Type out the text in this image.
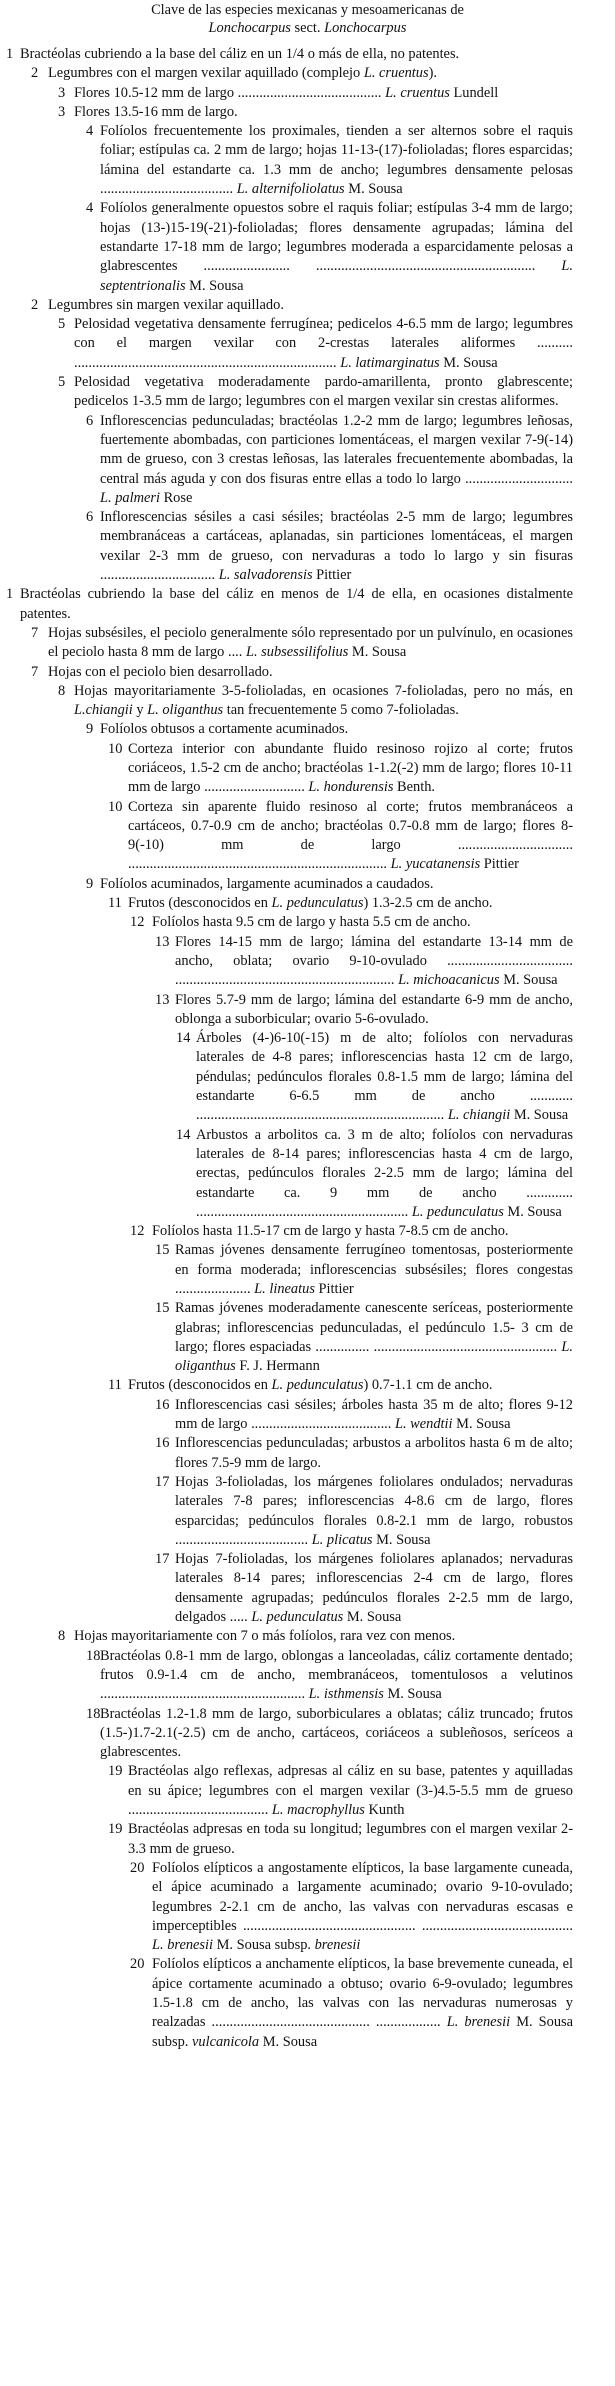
Clave de las especies mexicanas y mesoamericanas de
Lonchocarpus sect. Lonchocarpus
1 Bractéolas cubriendo a la base del cáliz en un 1/4 o más de ella, no patentes.
2 Legumbres con el margen vexilar aquillado (complejo L. cruentus).
3 Flores 10.5-12 mm de largo ........................................ L. cruentus Lundell
3 Flores 13.5-16 mm de largo.
4 Folíolos frecuentemente los proximales, tienden a ser alternos sobre el raquis foliar; estípulas ca. 2 mm de largo; hojas 11-13-(17)-folioladas; flores esparcidas; lámina del estandarte ca. 1.3 mm de ancho; legumbres densamente pelosas ..................................... L. alternifoliolatus M. Sousa
4 Folíolos generalmente opuestos sobre el raquis foliar; estípulas 3-4 mm de largo; hojas (13-)15-19(-21)-folioladas; flores densamente agrupadas; lámina del estandarte 17-18 mm de largo; legumbres moderada a esparcidamente pelosas a glabrescentes ........................ ............................................................. L. septentrionalis M. Sousa
2 Legumbres sin margen vexilar aquillado.
5 Pelosidad vegetativa densamente ferrugínea; pedicelos 4-6.5 mm de largo; legumbres con el margen vexilar con 2-crestas laterales aliformes .......... ......................................................................... L. latimarginatus M. Sousa
5 Pelosidad vegetativa moderadamente pardo-amarillenta, pronto glabrescente; pedicelos 1-3.5 mm de largo; legumbres con el margen vexilar sin crestas aliformes.
6 Inflorescencias pedunculadas; bractéolas 1.2-2 mm de largo; legumbres leñosas, fuertemente abombadas, con particiones lomentáceas, el margen vexilar 7-9(-14) mm de grueso, con 3 crestas leñosas, las laterales frecuentemente abombadas, la central más aguda y con dos fisuras entre ellas a todo lo largo .............................. L. palmeri Rose
6 Inflorescencias sésiles a casi sésiles; bractéolas 2-5 mm de largo; legumbres membranáceas a cartáceas, aplanadas, sin particiones lomentáceas, el margen vexilar 2-3 mm de grueso, con nervaduras a todo lo largo y sin fisuras ................................ L. salvadorensis Pittier
1 Bractéolas cubriendo la base del cáliz en menos de 1/4 de ella, en ocasiones distalmente patentes.
7 Hojas subsésiles, el peciolo generalmente sólo representado por un pulvínulo, en ocasiones el peciolo hasta 8 mm de largo .... L. subsessilifolius M. Sousa
7 Hojas con el peciolo bien desarrollado.
8 Hojas mayoritariamente 3-5-folioladas, en ocasiones 7-folioladas, pero no más, en L.chiangii y L. oliganthus tan frecuentemente 5 como 7-folioladas.
9 Folíolos obtusos a cortamente acuminados.
10 Corteza interior con abundante fluido resinoso rojizo al corte; frutos coriáceos, 1.5-2 cm de ancho; bractéolas 1-1.2(-2) mm de largo; flores 10-11 mm de largo ............................ L. hondurensis Benth.
10 Corteza sin aparente fluido resinoso al corte; frutos membranáceos a cartáceos, 0.7-0.9 cm de ancho; bractéolas 0.7-0.8 mm de largo; flores 8-9(-10) mm de largo ................................ ........................................................................ L. yucatanensis Pittier
9 Folíolos acuminados, largamente acuminados a caudados.
11 Frutos (desconocidos en L. pedunculatus) 1.3-2.5 cm de ancho.
12 Folíolos hasta 9.5 cm de largo y hasta 5.5 cm de ancho.
13 Flores 14-15 mm de largo; lámina del estandarte 13-14 mm de ancho, oblata; ovario 9-10-ovulado ................................... ............................................................. L. michoacanicus M. Sousa
13 Flores 5.7-9 mm de largo; lámina del estandarte 6-9 mm de ancho, oblonga a suborbicular; ovario 5-6-ovulado.
14 Árboles (4-)6-10(-15) m de alto; folíolos con nervaduras laterales de 4-8 pares; inflorescencias hasta 12 cm de largo, péndulas; pedúnculos florales 0.8-1.5 mm de largo; lámina del estandarte 6-6.5 mm de ancho ............ ..................................................................... L. chiangii M. Sousa
14 Arbustos a arbolitos ca. 3 m de alto; folíolos con nervaduras laterales de 8-14 pares; inflorescencias hasta 4 cm de largo, erectas, pedúnculos florales 2-2.5 mm de largo; lámina del estandarte ca. 9 mm de ancho ............. ........................................................... L. pedunculatus M. Sousa
12 Folíolos hasta 11.5-17 cm de largo y hasta 7-8.5 cm de ancho.
15 Ramas jóvenes densamente ferrugíneo tomentosas, posteriormente en forma moderada; inflorescencias subsésiles; flores congestas ..................... L. lineatus Pittier
15 Ramas jóvenes moderadamente canescente seríceas, posteriormente glabras; inflorescencias pedunculadas, el pedúnculo 1.5- 3 cm de largo; flores espaciadas ............... ................................................... L. oliganthus F. J. Hermann
11 Frutos (desconocidos en L. pedunculatus) 0.7-1.1 cm de ancho.
16 Inflorescencias casi sésiles; árboles hasta 35 m de alto; flores 9-12 mm de largo ....................................... L. wendtii M. Sousa
16 Inflorescencias pedunculadas; arbustos a arbolitos hasta 6 m de alto; flores 7.5-9 mm de largo.
17 Hojas 3-folioladas, los márgenes foliolares ondulados; nervaduras laterales 7-8 pares; inflorescencias 4-8.6 cm de largo, flores esparcidas; pedúnculos florales 0.8-2.1 mm de largo, robustos ..................................... L. plicatus M. Sousa
17 Hojas 7-folioladas, los márgenes foliolares aplanados; nervaduras laterales 8-14 pares; inflorescencias 2-4 cm de largo, flores densamente agrupadas; pedúnculos florales 2-2.5 mm de largo, delgados ..... L. pedunculatus M. Sousa
8 Hojas mayoritariamente con 7 o más folíolos, rara vez con menos.
18 Bractéolas 0.8-1 mm de largo, oblongas a lanceoladas, cáliz cortamente dentado; frutos 0.9-1.4 cm de ancho, membranáceos, tomentulosos a velutinos ......................................................... L. isthmensis M. Sousa
18 Bractéolas 1.2-1.8 mm de largo, suborbiculares a oblatas; cáliz truncado; frutos (1.5-)1.7-2.1(-2.5) cm de ancho, cartáceos, coriáceos a subleñosos, seríceos a glabrescentes.
19 Bractéolas algo reflexas, adpresas al cáliz en su base, patentes y aquilladas en su ápice; legumbres con el margen vexilar (3-)4.5-5.5 mm de grueso ....................................... L. macrophyllus Kunth
19 Bractéolas adpresas en toda su longitud; legumbres con el margen vexilar 2-3.3 mm de grueso.
20 Folíolos elípticos a angostamente elípticos, la base largamente cuneada, el ápice acuminado a largamente acuminado; ovario 9-10-ovulado; legumbres 2-2.1 cm de ancho, las valvas con nervaduras escasas e imperceptibles ................................................ .......................................... L. brenesii M. Sousa subsp. brenesii
20 Folíolos elípticos a anchamente elípticos, la base brevemente cuneada, el ápice cortamente acuminado a obtuso; ovario 6-9-ovulado; legumbres 1.5-1.8 cm de ancho, las valvas con las nervaduras numerosas y realzadas ............................................ .................. L. brenesii M. Sousa subsp. vulcanicola M. Sousa
